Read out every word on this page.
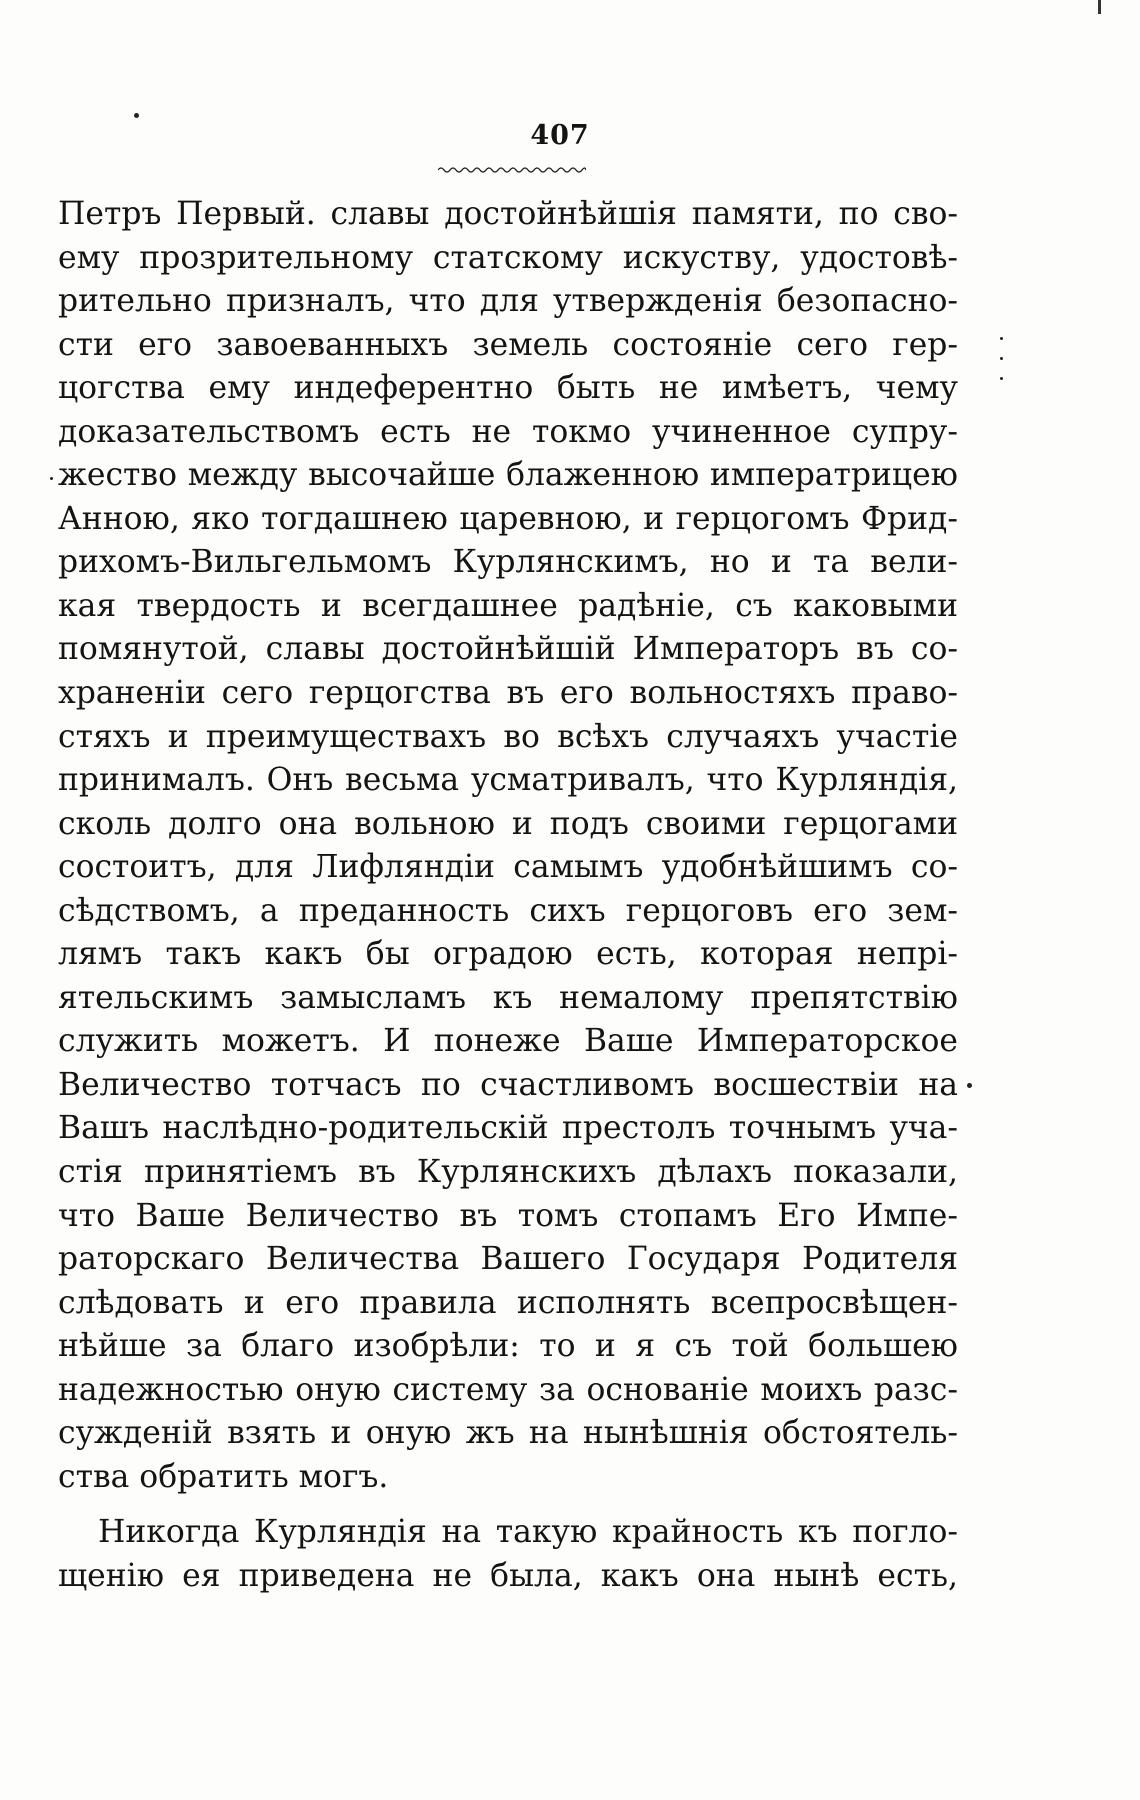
407
Петръ Первый. славы достойнѣйшія памяти, по сво-
ему прозрительному статскому искуству, удостовѣ-
рительно призналъ, что для утвержденія безопасно-
сти его завоеванныхъ земель состояніе сего гер-
цогства ему индеферентно быть не имѣетъ, чему
доказательствомъ есть не токмо учиненное супру-
жество между высочайше блаженною императрицею
Анною, яко тогдашнею царевною, и герцогомъ Фрид-
рихомъ-Вильгельмомъ Курлянскимъ, но и та вели-
кая твердость и всегдашнее радѣніе, съ каковыми
помянутой, славы достойнѣйшій Императоръ въ со-
храненіи сего герцогства въ его вольностяхъ право-
стяхъ и преимуществахъ во всѣхъ случаяхъ участіе
принималъ. Онъ весьма усматривалъ, что Курляндія,
сколь долго она вольною и подъ своими герцогами
состоитъ, для Лифляндіи самымъ удобнѣйшимъ со-
сѣдствомъ, а преданность сихъ герцоговъ его зем-
лямъ такъ какъ бы оградою есть, которая непрі-
ятельскимъ замысламъ къ немалому препятствію
служить можетъ. И понеже Ваше Императорское
Величество тотчасъ по счастливомъ восшествіи на
Вашъ наслѣдно-родительскій престолъ точнымъ уча-
стія принятіемъ въ Курлянскихъ дѣлахъ показали,
что Ваше Величество въ томъ стопамъ Его Импе-
раторскаго Величества Вашего Государя Родителя
слѣдовать и его правила исполнять всепросвѣщен-
нѣйше за благо изобрѣли: то и я съ той большею
надежностью оную систему за основаніе моихъ разс-
сужденій взять и оную жъ на нынѣшнія обстоятель-
ства обратить могъ.
Никогда Курляндія на такую крайность къ погло-
щенію ея приведена не была, какъ она нынѣ есть,
